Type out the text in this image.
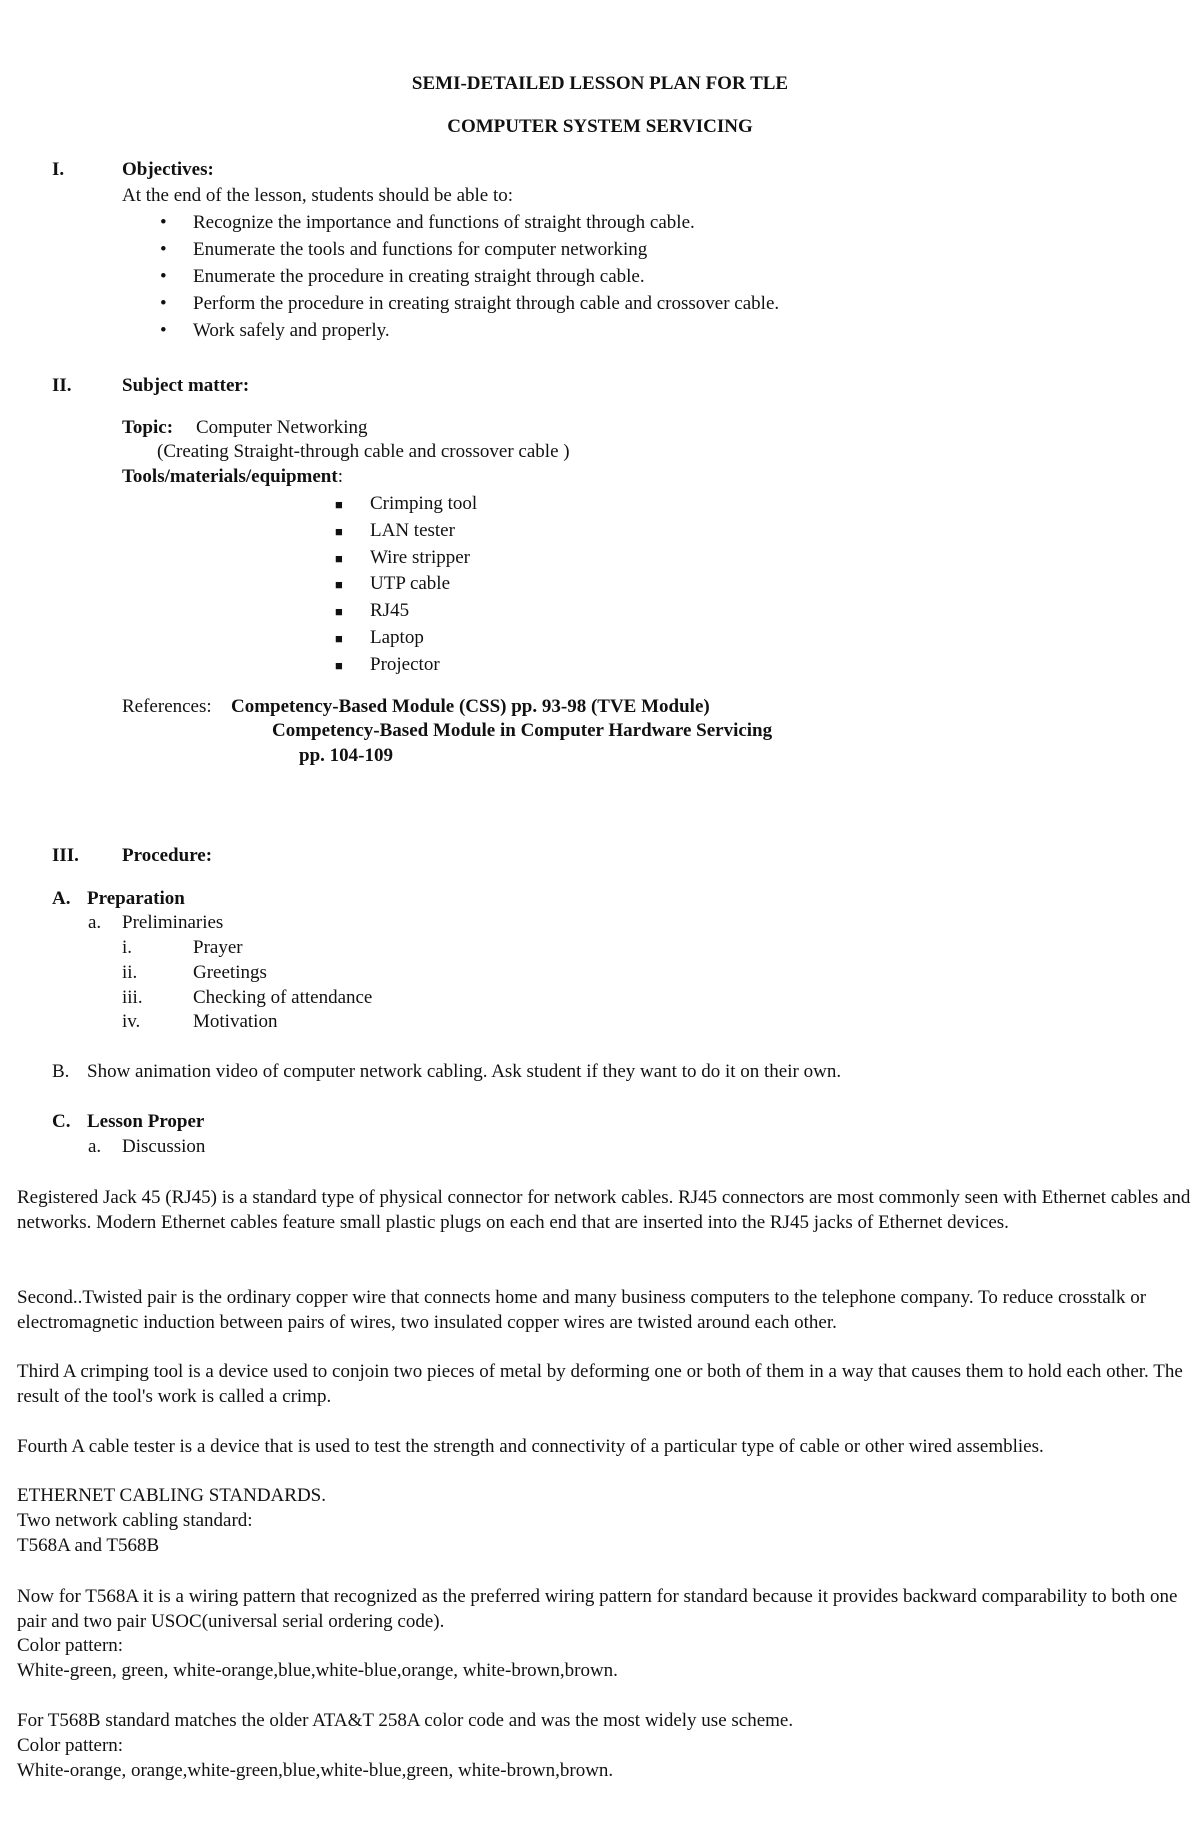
SEMI-DETAILED LESSON PLAN FOR TLE
COMPUTER SYSTEM SERVICING
I.	Objectives:
At the end of the lesson, students should be able to:
• Recognize the importance and functions of straight through cable.
• Enumerate the tools and functions for computer networking
• Enumerate the procedure in creating straight through cable.
• Perform the procedure in creating straight through cable and crossover cable.
• Work safely and properly.
II.	Subject matter:
Topic: Computer Networking
(Creating Straight-through cable and crossover cable )
Tools/materials/equipment:
■ Crimping tool
■ LAN tester
■ Wire stripper
■ UTP cable
■ RJ45
■ Laptop
■ Projector
References: Competency-Based Module (CSS) pp. 93-98 (TVE Module)
Competency-Based Module in Computer Hardware Servicing
pp. 104-109
III. Procedure:
A. Preparation
a. Preliminaries
i.	Prayer
ii.	Greetings
iii.	Checking of attendance
iv.	Motivation
B. Show animation video of computer network cabling. Ask student if they want to do it on their own.
C. Lesson Proper
a. Discussion
Registered Jack 45 (RJ45) is a standard type of physical connector for network cables. RJ45 connectors are most commonly seen with Ethernet cables and networks. Modern Ethernet cables feature small plastic plugs on each end that are inserted into the RJ45 jacks of Ethernet devices.
Second..Twisted pair is the ordinary copper wire that connects home and many business computers to the telephone company. To reduce crosstalk or electromagnetic induction between pairs of wires, two insulated copper wires are twisted around each other.
Third A crimping tool is a device used to conjoin two pieces of metal by deforming one or both of them in a way that causes them to hold each other. The result of the tool's work is called a crimp.
Fourth A cable tester is a device that is used to test the strength and connectivity of a particular type of cable or other wired assemblies.
ETHERNET CABLING STANDARDS.
Two network cabling standard:
T568A and T568B
Now for T568A it is a wiring pattern that recognized as the preferred wiring pattern for standard because it provides backward comparability to both one pair and two pair USOC(universal serial ordering code).
Color pattern:
White-green, green, white-orange,blue,white-blue,orange, white-brown,brown.
For T568B standard matches the older ATA&T 258A color code and was the most widely use scheme.
Color pattern:
White-orange, orange,white-green,blue,white-blue,green, white-brown,brown.
